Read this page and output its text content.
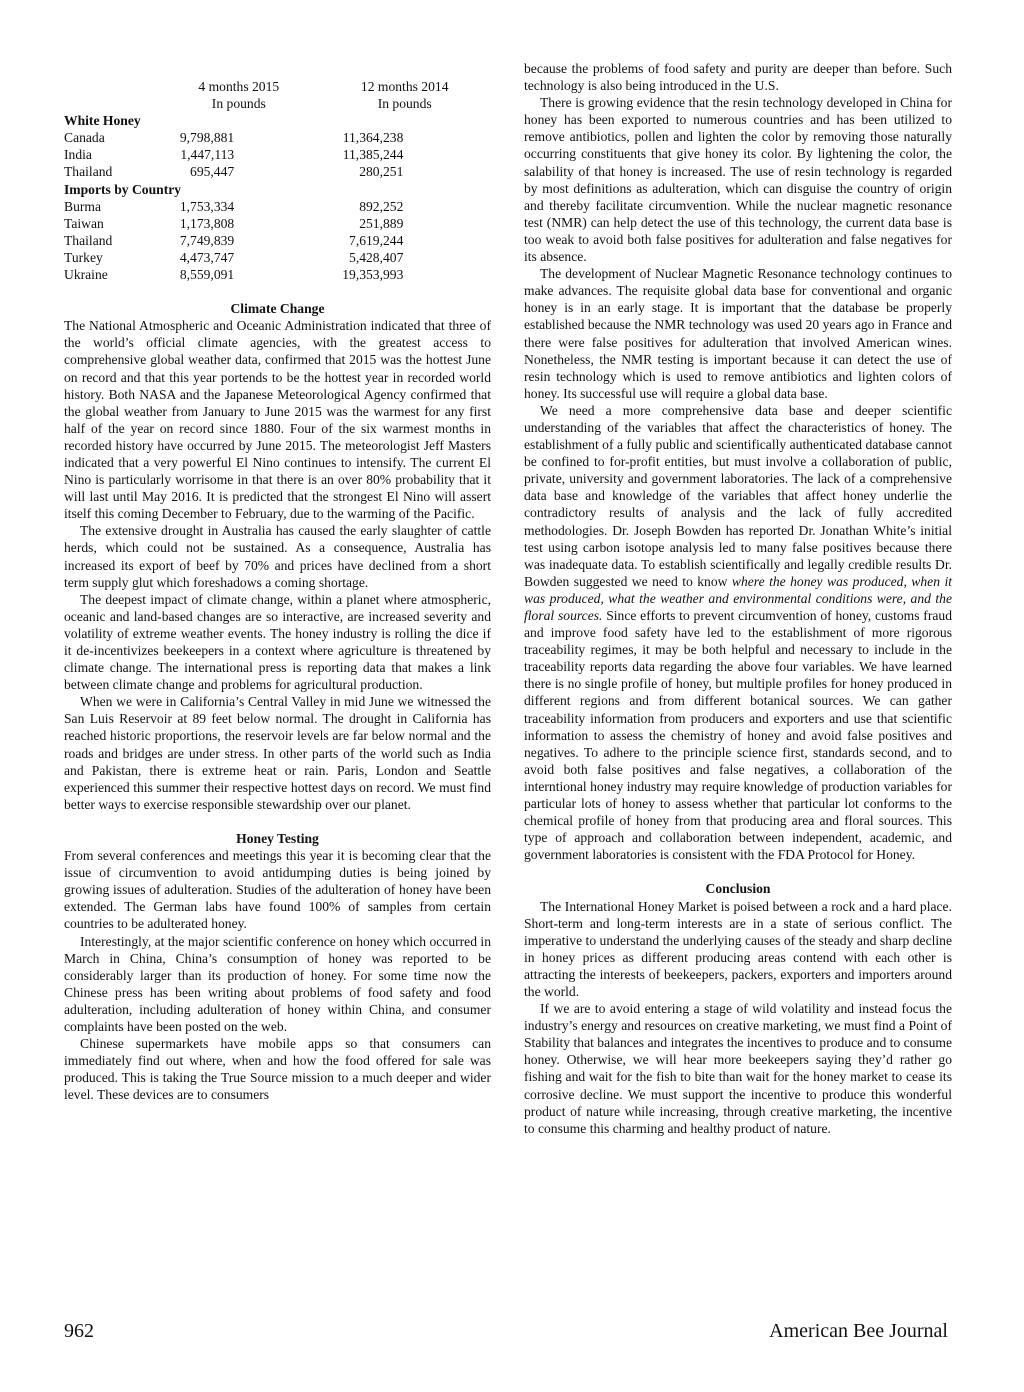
	4 months 2015	12 months 2014
	In pounds	In pounds
White Honey		
Canada	9,798,881	11,364,238
India	1,447,113	11,385,244
Thailand	695,447	280,251
Imports by Country		
Burma	1,753,334	892,252
Taiwan	1,173,808	251,889
Thailand	7,749,839	7,619,244
Turkey	4,473,747	5,428,407
Ukraine	8,559,091	19,353,993
Climate Change

The National Atmospheric and Oceanic Administration indicated that three of the world’s official climate agencies, with the greatest access to comprehensive global weather data, confirmed that 2015 was the hottest June on record and that this year portends to be the hottest year in recorded world history. Both NASA and the Japanese Meteorological Agency confirmed that the global weather from January to June 2015 was the warmest for any first half of the year on record since 1880. Four of the six warmest months in recorded history have occurred by June 2015. The meteorologist Jeff Masters indicated that a very powerful El Nino continues to intensify. The current El Nino is particularly worrisome in that there is an over 80% probability that it will last until May 2016. It is predicted that the strongest El Nino will assert itself this coming December to February, due to the warming of the Pacific.

The extensive drought in Australia has caused the early slaughter of cattle herds, which could not be sustained. As a consequence, Australia has increased its export of beef by 70% and prices have declined from a short term supply glut which foreshadows a coming shortage.

The deepest impact of climate change, within a planet where atmospheric, oceanic and land-based changes are so interactive, are increased severity and volatility of extreme weather events. The honey industry is rolling the dice if it de-incentivizes beekeepers in a context where agriculture is threatened by climate change. The international press is reporting data that makes a link between climate change and problems for agricultural production.

When we were in California’s Central Valley in mid June we witnessed the San Luis Reservoir at 89 feet below normal. The drought in California has reached historic proportions, the reservoir levels are far below normal and the roads and bridges are under stress. In other parts of the world such as India and Pakistan, there is extreme heat or rain. Paris, London and Seattle experienced this summer their respective hottest days on record. We must find better ways to exercise responsible stewardship over our planet.

Honey Testing

From several conferences and meetings this year it is becoming clear that the issue of circumvention to avoid antidumping duties is being joined by growing issues of adulteration. Studies of the adulteration of honey have been extended. The German labs have found 100% of samples from certain countries to be adulterated honey.

Interestingly, at the major scientific conference on honey which occurred in March in China, China’s consumption of honey was reported to be considerably larger than its production of honey. For some time now the Chinese press has been writing about problems of food safety and food adulteration, including adulteration of honey within China, and consumer complaints have been posted on the web.

Chinese supermarkets have mobile apps so that consumers can immediately find out where, when and how the food offered for sale was produced. This is taking the True Source mission to a much deeper and wider level. These devices are to consumers

because the problems of food safety and purity are deeper than before. Such technology is also being introduced in the U.S.

There is growing evidence that the resin technology developed in China for honey has been exported to numerous countries and has been utilized to remove antibiotics, pollen and lighten the color by removing those naturally occurring constituents that give honey its color. By lightening the color, the salability of that honey is increased. The use of resin technology is regarded by most definitions as adulteration, which can disguise the country of origin and thereby facilitate circumvention. While the nuclear magnetic resonance test (NMR) can help detect the use of this technology, the current data base is too weak to avoid both false positives for adulteration and false negatives for its absence.

The development of Nuclear Magnetic Resonance technology continues to make advances. The requisite global data base for conventional and organic honey is in an early stage. It is important that the database be properly established because the NMR technology was used 20 years ago in France and there were false positives for adulteration that involved American wines. Nonetheless, the NMR testing is important because it can detect the use of resin technology which is used to remove antibiotics and lighten colors of honey. Its successful use will require a global data base.

We need a more comprehensive data base and deeper scientific understanding of the variables that affect the characteristics of honey. The establishment of a fully public and scientifically authenticated database cannot be confined to for-profit entities, but must involve a collaboration of public, private, university and government laboratories. The lack of a comprehensive data base and knowledge of the variables that affect honey underlie the contradictory results of analysis and the lack of fully accredited methodologies. Dr. Joseph Bowden has reported Dr. Jonathan White’s initial test using carbon isotope analysis led to many false positives because there was inadequate data. To establish scientifically and legally credible results Dr. Bowden suggested we need to know where the honey was produced, when it was produced, what the weather and environmental conditions were, and the floral sources. Since efforts to prevent circumvention of honey, customs fraud and improve food safety have led to the establishment of more rigorous traceability regimes, it may be both helpful and necessary to include in the traceability reports data regarding the above four variables. We have learned there is no single profile of honey, but multiple profiles for honey produced in different regions and from different botanical sources. We can gather traceability information from producers and exporters and use that scientific information to assess the chemistry of honey and avoid false positives and negatives. To adhere to the principle science first, standards second, and to avoid both false positives and false negatives, a collaboration of the interntional honey industry may require knowledge of production variables for particular lots of honey to assess whether that particular lot conforms to the chemical profile of honey from that producing area and floral sources. This type of approach and collaboration between independent, academic, and government laboratories is consistent with the FDA Protocol for Honey.

Conclusion

The International Honey Market is poised between a rock and a hard place. Short-term and long-term interests are in a state of serious conflict. The imperative to understand the underlying causes of the steady and sharp decline in honey prices as different producing areas contend with each other is attracting the interests of beekeepers, packers, exporters and importers around the world.

If we are to avoid entering a stage of wild volatility and instead focus the industry’s energy and resources on creative marketing, we must find a Point of Stability that balances and integrates the incentives to produce and to consume honey. Otherwise, we will hear more beekeepers saying they’d rather go fishing and wait for the fish to bite than wait for the honey market to cease its corrosive decline. We must support the incentive to produce this wonderful product of nature while increasing, through creative marketing, the incentive to consume this charming and healthy product of nature.

962	American Bee Journal
